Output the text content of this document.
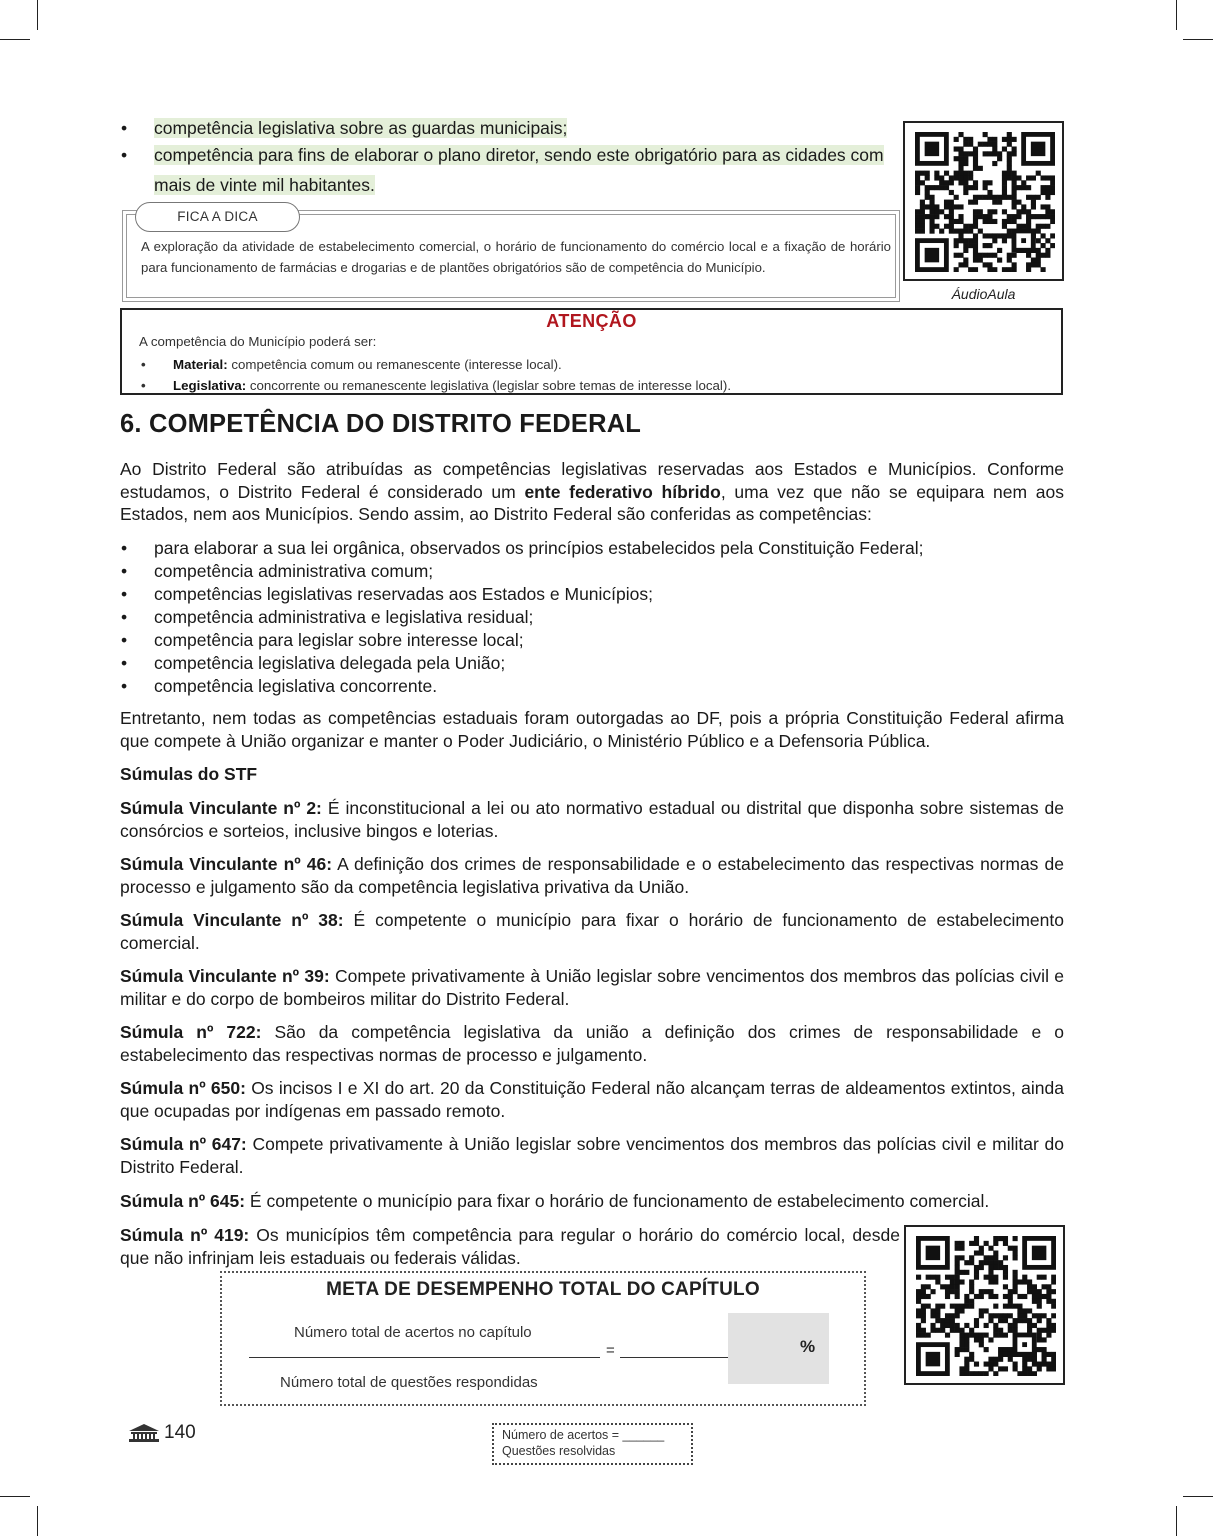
• competência legislativa sobre as guardas municipais;
• competência para fins de elaborar o plano diretor, sendo este obrigatório para as cidades com mais de vinte mil habitantes.
FICA A DICA
A exploração da atividade de estabelecimento comercial, o horário de funcionamento do comércio local e a fixação de horário para funcionamento de farmácias e drogarias e de plantões obrigatórios são de competência do Município.
ÁudioAula
ATENÇÃO
A competência do Município poderá ser:
• Material: competência comum ou remanescente (interesse local).
• Legislativa: concorrente ou remanescente legislativa (legislar sobre temas de interesse local).
6. COMPETÊNCIA DO DISTRITO FEDERAL

Ao Distrito Federal são atribuídas as competências legislativas reservadas aos Estados e Municípios. Conforme estudamos, o Distrito Federal é considerado um ente federativo híbrido, uma vez que não se equipara nem aos Estados, nem aos Municípios. Sendo assim, ao Distrito Federal são conferidas as competências:

• para elaborar a sua lei orgânica, observados os princípios estabelecidos pela Constituição Federal;
• competência administrativa comum;
• competências legislativas reservadas aos Estados e Municípios;
• competência administrativa e legislativa residual;
• competência para legislar sobre interesse local;
• competência legislativa delegada pela União;
• competência legislativa concorrente.

Entretanto, nem todas as competências estaduais foram outorgadas ao DF, pois a própria Constituição Federal afirma que compete à União organizar e manter o Poder Judiciário, o Ministério Público e a Defensoria Pública.

Súmulas do STF

Súmula Vinculante nº 2: É inconstitucional a lei ou ato normativo estadual ou distrital que disponha sobre sistemas de consórcios e sorteios, inclusive bingos e loterias.

Súmula Vinculante nº 46: A definição dos crimes de responsabilidade e o estabelecimento das respectivas normas de processo e julgamento são da competência legislativa privativa da União.

Súmula Vinculante nº 38: É competente o município para fixar o horário de funcionamento de estabelecimento comercial.

Súmula Vinculante nº 39: Compete privativamente à União legislar sobre vencimentos dos membros das polícias civil e militar e do corpo de bombeiros militar do Distrito Federal.

Súmula nº 722: São da competência legislativa da união a definição dos crimes de responsabilidade e o estabelecimento das respectivas normas de processo e julgamento.

Súmula nº 650: Os incisos I e XI do art. 20 da Constituição Federal não alcançam terras de aldeamentos extintos, ainda que ocupadas por indígenas em passado remoto.

Súmula nº 647: Compete privativamente à União legislar sobre vencimentos dos membros das polícias civil e militar do Distrito Federal.

Súmula nº 645: É competente o município para fixar o horário de funcionamento de estabelecimento comercial.

Súmula nº 419: Os municípios têm competência para regular o horário do comércio local, desde que não infrinjam leis estaduais ou federais válidas.

META DE DESEMPENHO TOTAL DO CAPÍTULO
Número total de acertos no capítulo
=
Número total de questões respondidas
%
140	Número de acertos = ______
Questões resolvidas
